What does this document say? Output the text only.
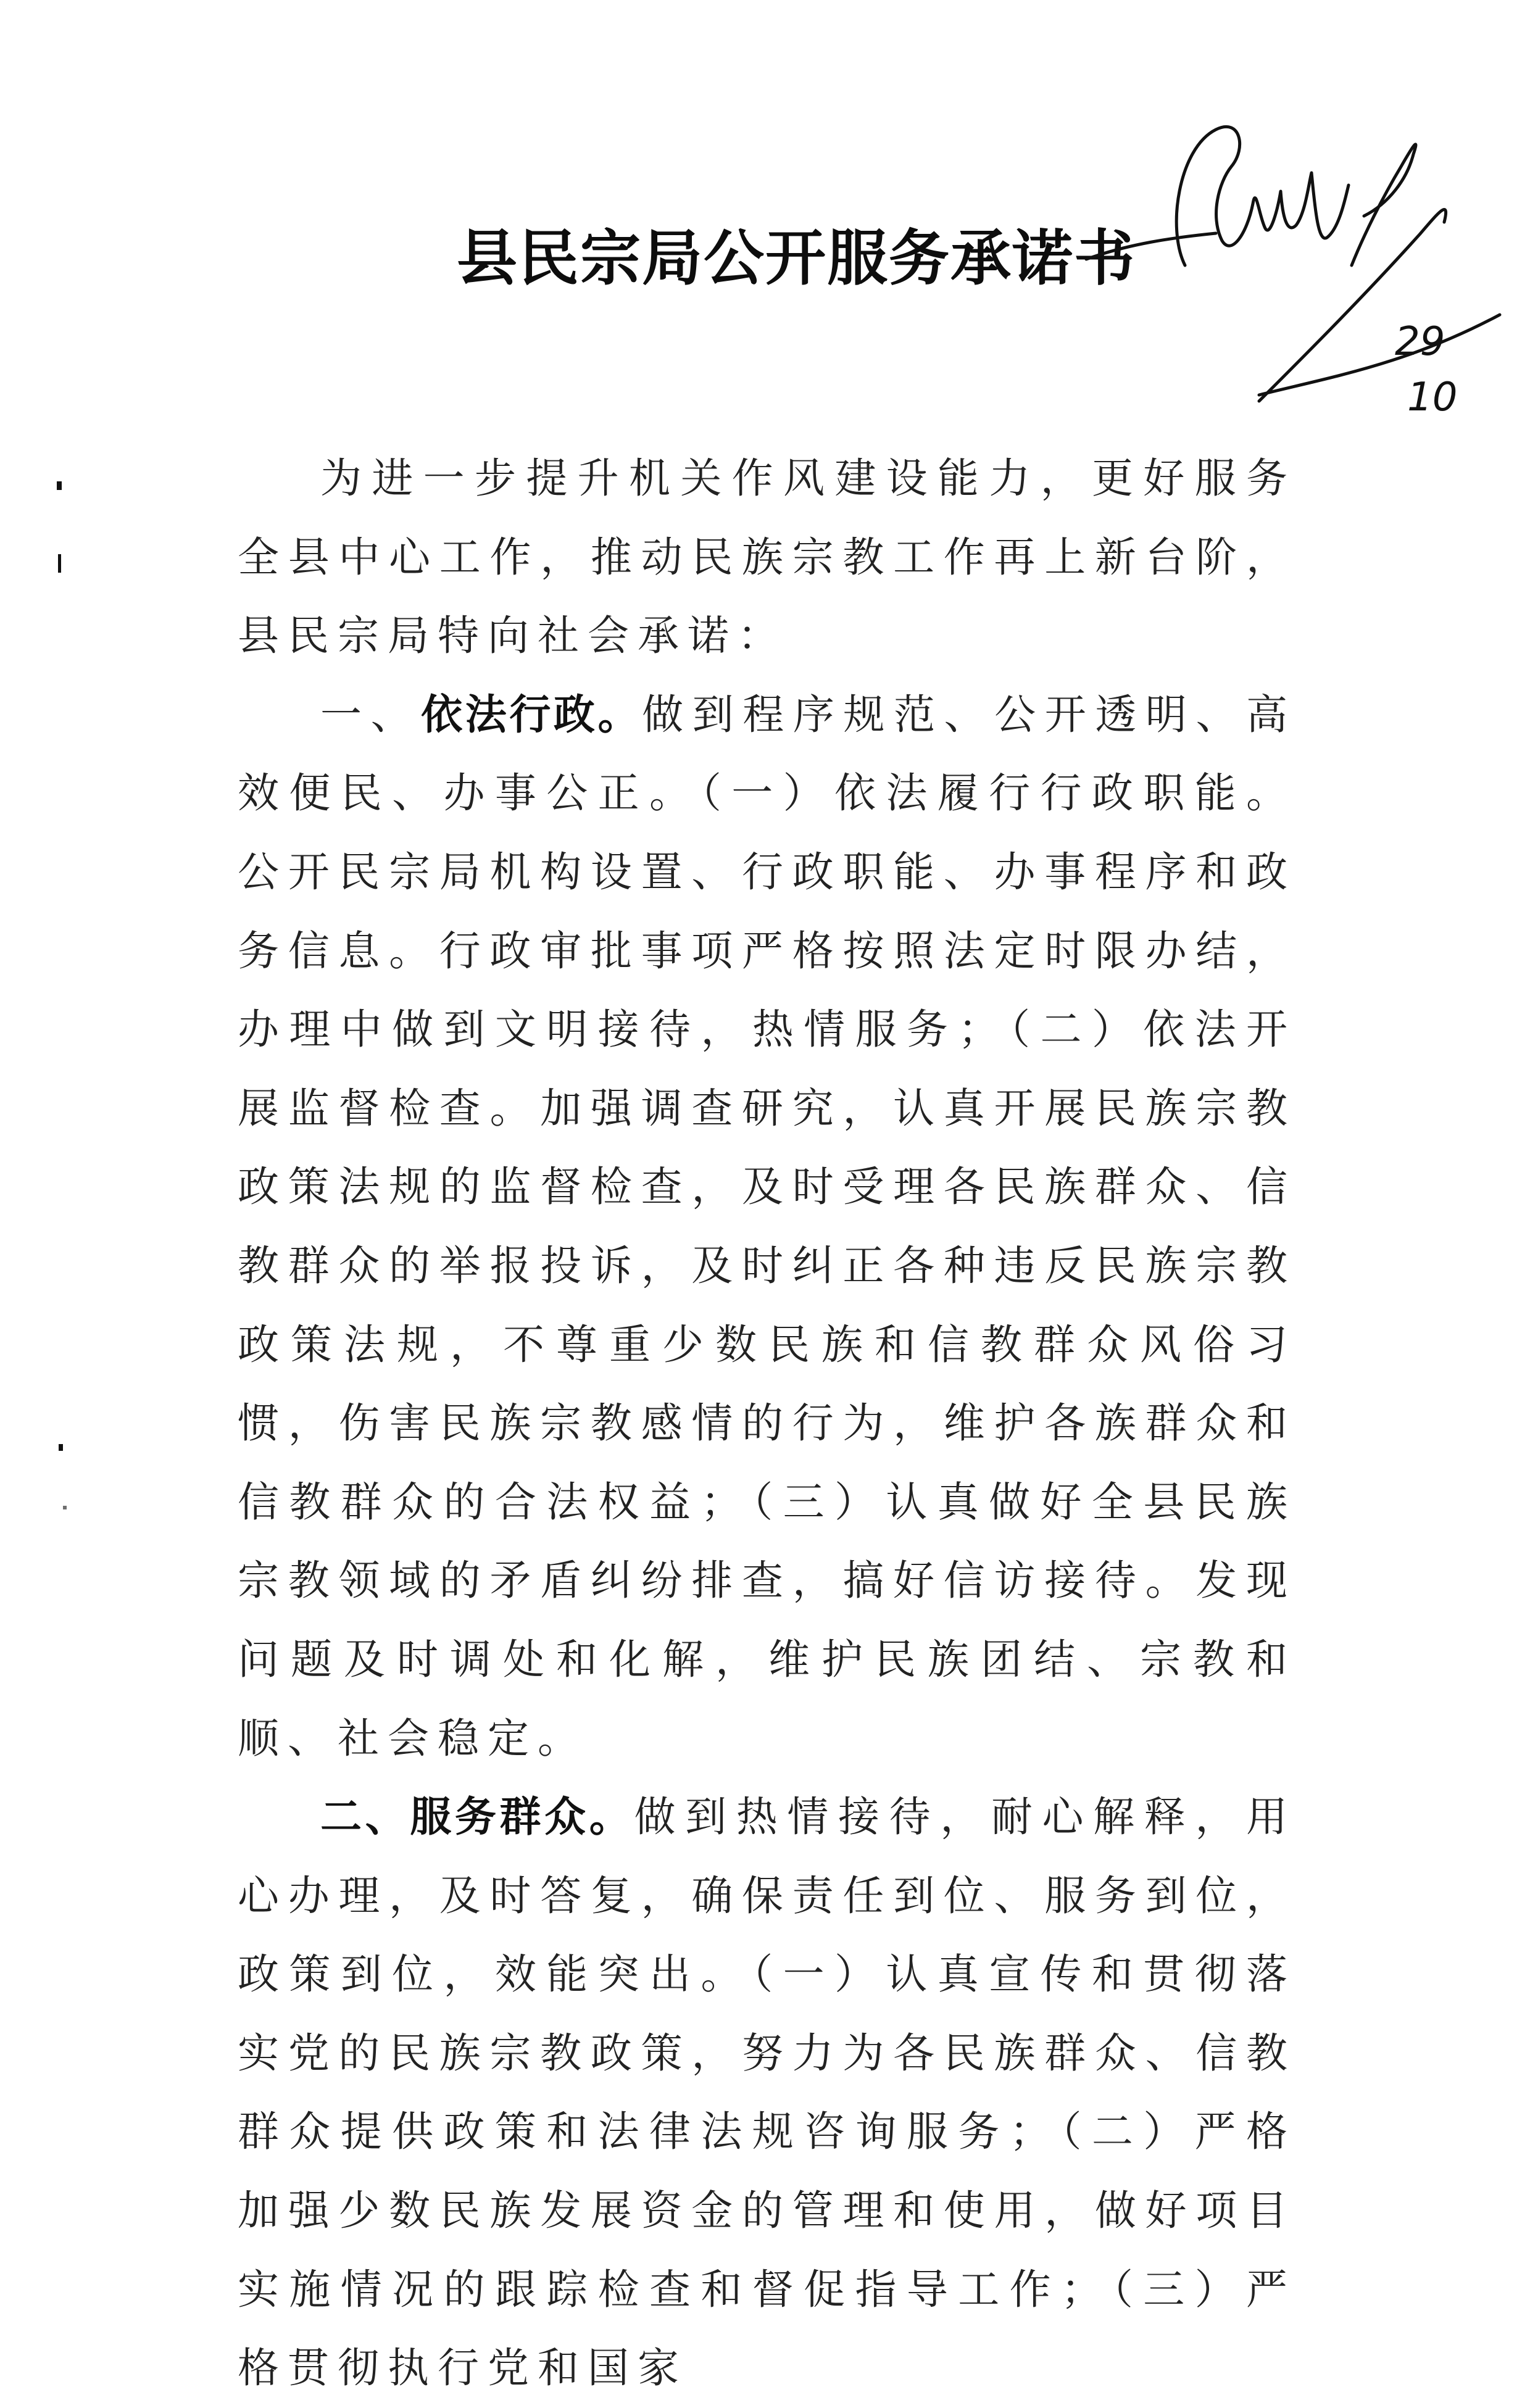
县民宗局公开服务承诺书
29
10

为进一步提升机关作风建设能力，更好服务全县中心工作，推动民族宗教工作再上新台阶，县民宗局特向社会承诺：

一、依法行政。做到程序规范、公开透明、高效便民、办事公正。（一）依法履行行政职能。公开民宗局机构设置、行政职能、办事程序和政务信息。行政审批事项严格按照法定时限办结，办理中做到文明接待，热情服务；（二）依法开展监督检查。加强调查研究，认真开展民族宗教政策法规的监督检查，及时受理各民族群众、信教群众的举报投诉，及时纠正各种违反民族宗教政策法规，不尊重少数民族和信教群众风俗习惯，伤害民族宗教感情的行为，维护各族群众和信教群众的合法权益；（三）认真做好全县民族宗教领域的矛盾纠纷排查，搞好信访接待。发现问题及时调处和化解，维护民族团结、宗教和顺、社会稳定。

二、服务群众。做到热情接待，耐心解释，用心办理，及时答复，确保责任到位、服务到位，政策到位，效能突出。（一）认真宣传和贯彻落实党的民族宗教政策，努力为各民族群众、信教群众提供政策和法律法规咨询服务；（二）严格加强少数民族发展资金的管理和使用，做好项目实施情况的跟踪检查和督促指导工作；（三）严格贯彻执行党和国家
